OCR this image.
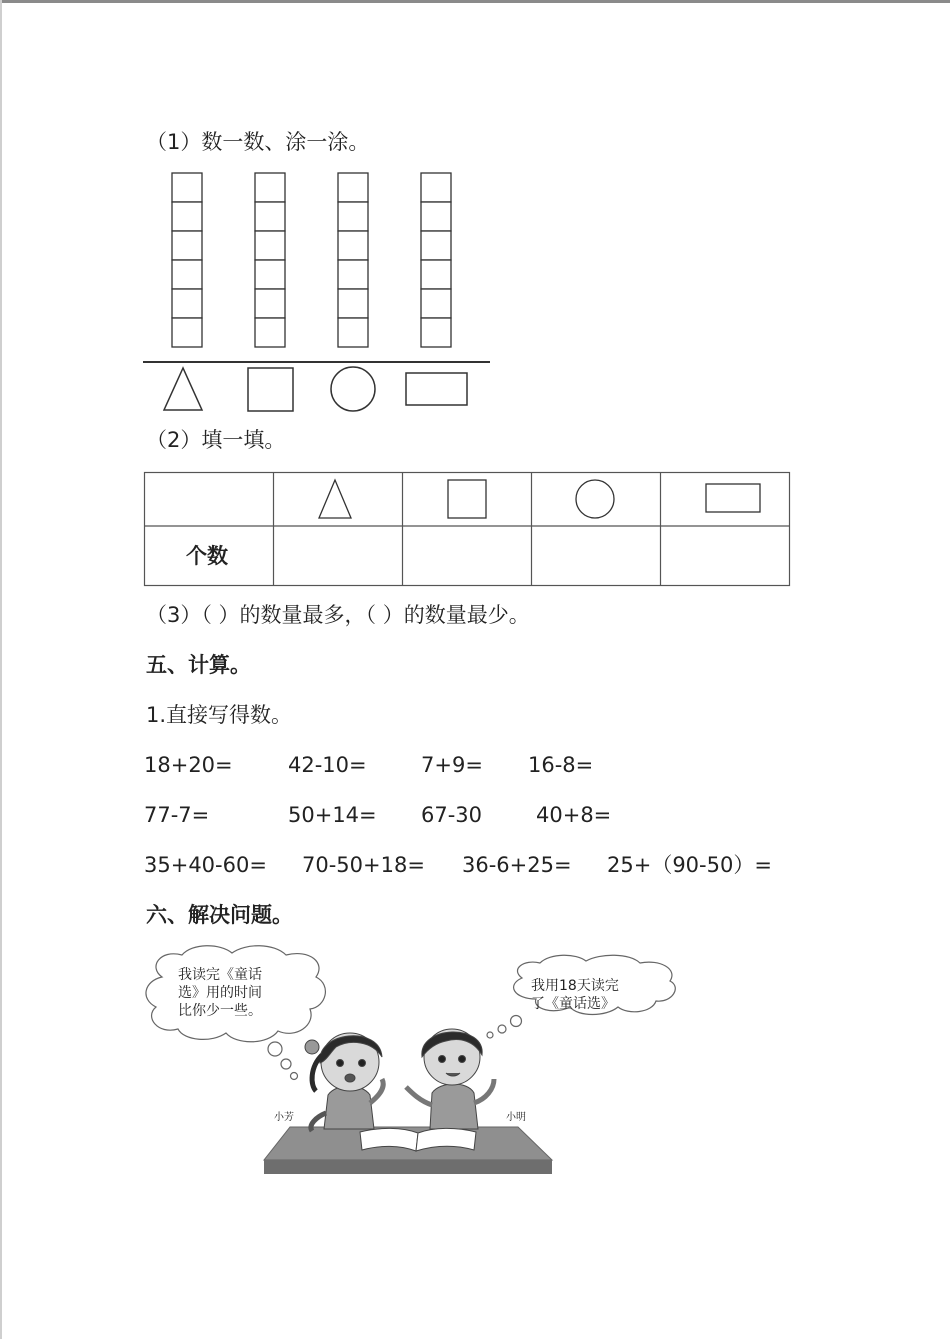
（1）数一数、涂一涂。
（2）填一填。
个数
（3）（ ）的数量最多，（ ）的数量最少。
五、计算。
1.直接写得数。
18+20=	42-10=	7+9= 16-8=
77-7=	50+14= 67-30	40+8=
35+40-60= 70-50+18= 36-6+25= 25+（90-50）=
六、解决问题。
我读完《童话
选》用的时间
比你少一些。
我用18天读完
了《童话选》
小芳	小明
